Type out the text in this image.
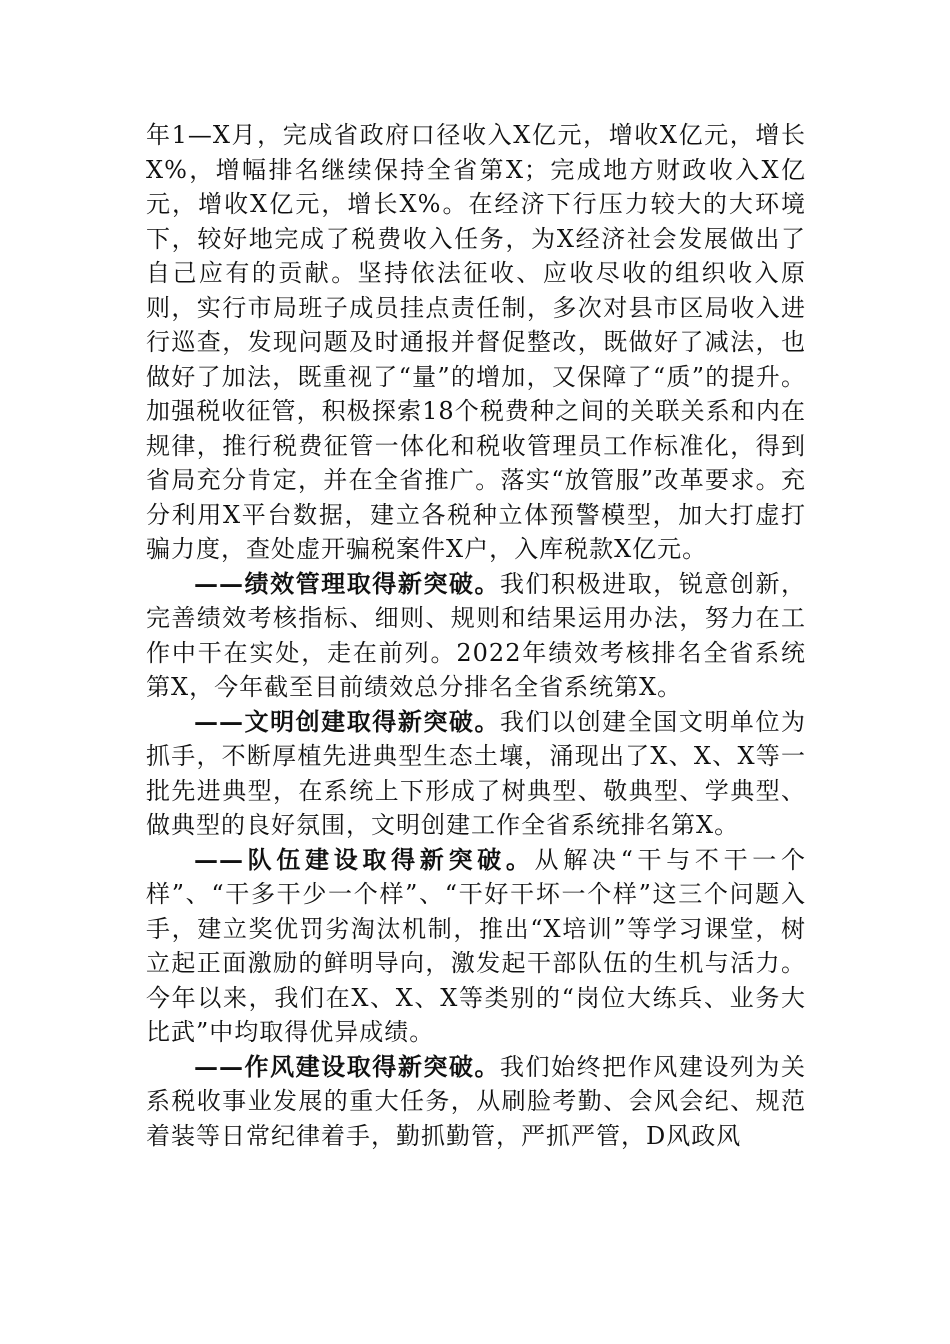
年1—X月，完成省政府口径收入X亿元，增收X亿元，增长X%，增幅排名继续保持全省第X；完成地方财政收入X亿元，增收X亿元，增长X%。在经济下行压力较大的大环境下，较好地完成了税费收入任务，为X经济社会发展做出了自己应有的贡献。坚持依法征收、应收尽收的组织收入原则，实行市局班子成员挂点责任制，多次对县市区局收入进行巡查，发现问题及时通报并督促整改，既做好了减法，也做好了加法，既重视了“量”的增加，又保障了“质”的提升。加强税收征管，积极探索18个税费种之间的关联关系和内在规律，推行税费征管一体化和税收管理员工作标准化，得到省局充分肯定，并在全省推广。落实“放管服”改革要求。充分利用X平台数据，建立各税种立体预警模型，加大打虚打骗力度，查处虚开骗税案件X户，入库税款X亿元。

——绩效管理取得新突破。我们积极进取，锐意创新，完善绩效考核指标、细则、规则和结果运用办法，努力在工作中干在实处，走在前列。2022年绩效考核排名全省系统第X，今年截至目前绩效总分排名全省系统第X。

——文明创建取得新突破。我们以创建全国文明单位为抓手，不断厚植先进典型生态土壤，涌现出了X、X、X等一批先进典型，在系统上下形成了树典型、敬典型、学典型、做典型的良好氛围，文明创建工作全省系统排名第X。

——队伍建设取得新突破。从解决“干与不干一个样”、“干多干少一个样”、“干好干坏一个样”这三个问题入手，建立奖优罚劣淘汰机制，推出“X培训”等学习课堂，树立起正面激励的鲜明导向，激发起干部队伍的生机与活力。今年以来，我们在X、X、X等类别的“岗位大练兵、业务大比武”中均取得优异成绩。

——作风建设取得新突破。我们始终把作风建设列为关系税收事业发展的重大任务，从刷脸考勤、会风会纪、规范着装等日常纪律着手，勤抓勤管，严抓严管，D风政风
